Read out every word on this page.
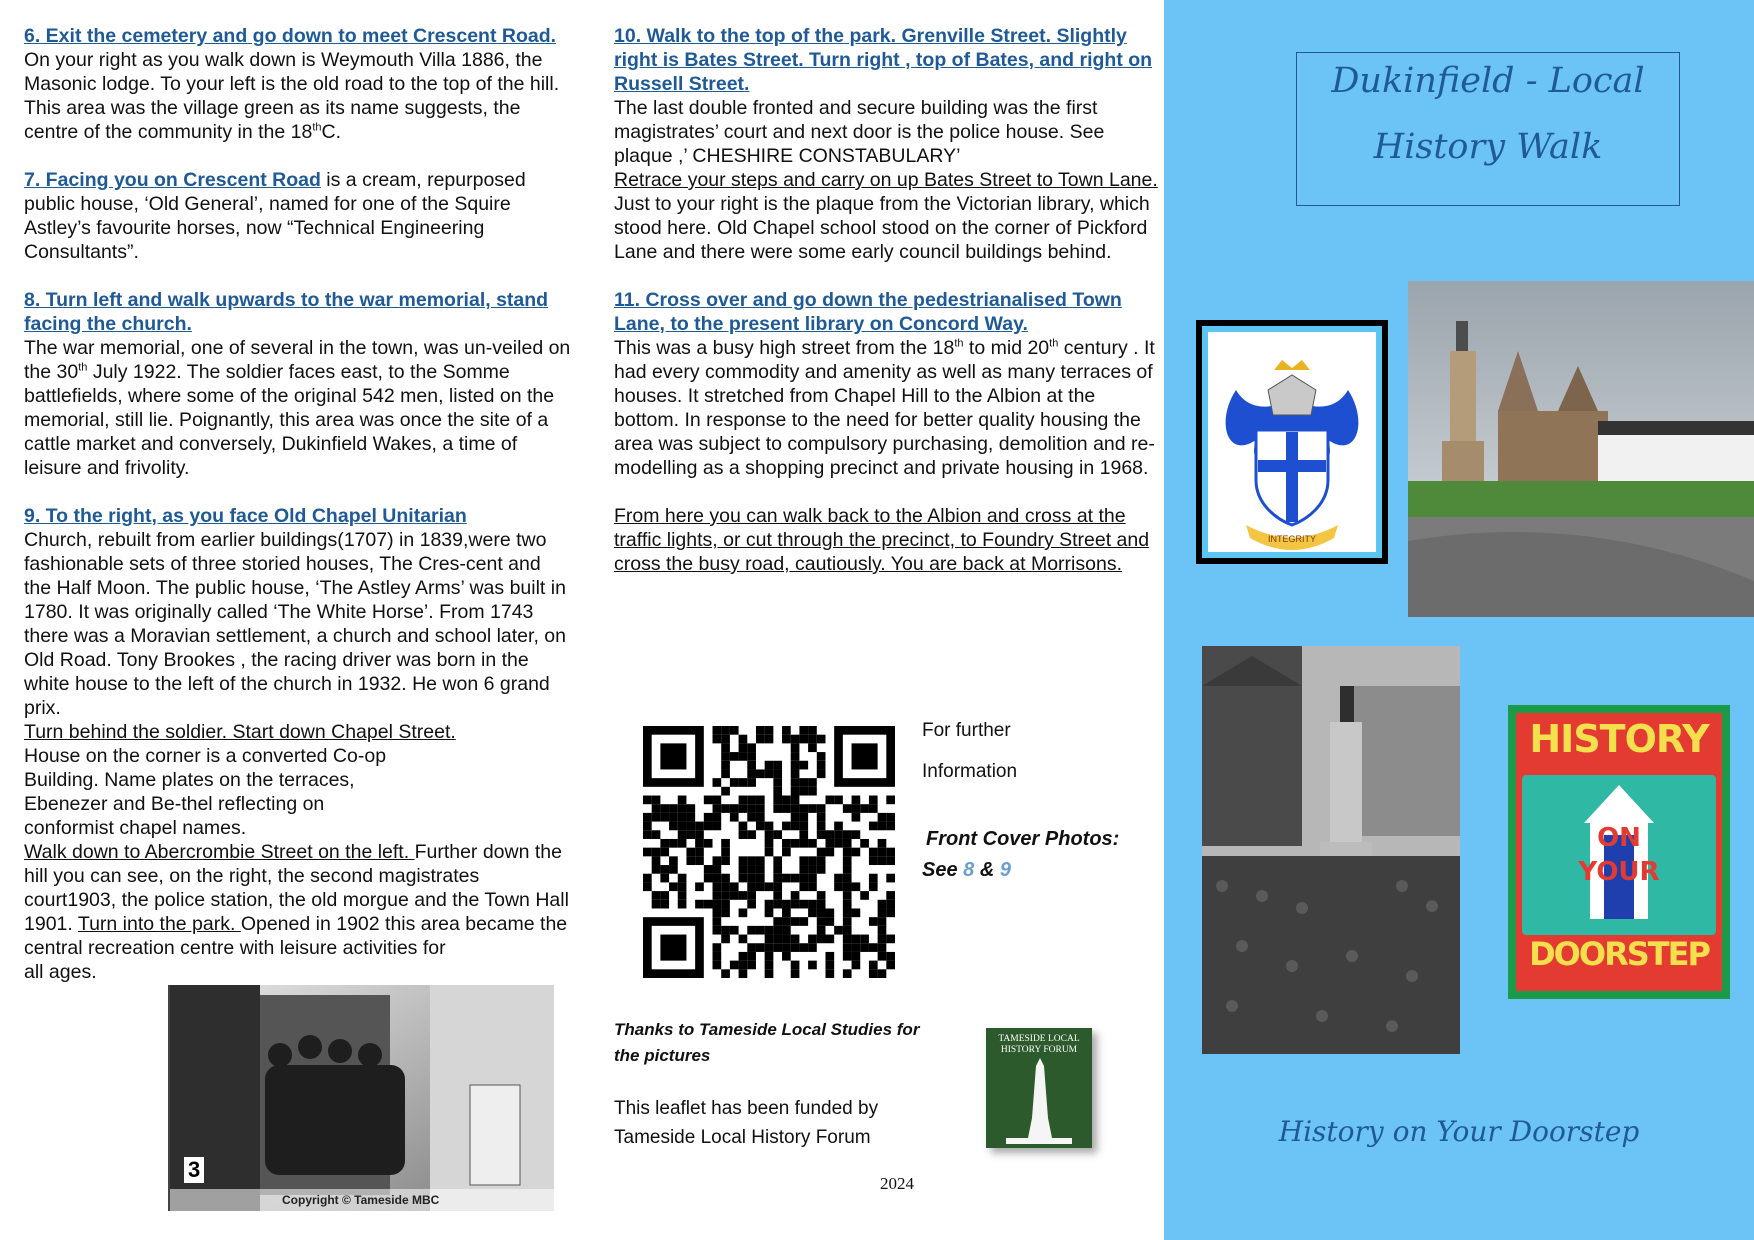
6. Exit the cemetery and go down to meet Crescent Road.

On your right as you walk down is Weymouth Villa 1886, the Masonic lodge. To your left is the old road to the top of the hill. This area was the village green as its name suggests, the centre of the community in the 18thC.

7. Facing you on Crescent Road is a cream, repurposed public house, ‘Old General’, named for one of the Squire Astley’s favourite horses, now “Technical Engineering Consultants”.

8. Turn left and walk upwards to the war memorial, stand facing the church.

The war memorial, one of several in the town, was un-veiled on the 30th July 1922. The soldier faces east, to the Somme battlefields, where some of the original 542 men, listed on the memorial, still lie. Poignantly, this area was once the site of a cattle market and conversely, Dukinfield Wakes, a time of leisure and frivolity.

9. To the right, as you face Old Chapel Unitarian

Church, rebuilt from earlier buildings(1707) in 1839,were two fashionable sets of three storied houses, The Cres-cent and the Half Moon. The public house, ‘The Astley Arms’ was built in 1780. It was originally called ‘The White Horse’. From 1743 there was a Moravian settlement, a church and school later, on Old Road. Tony Brookes , the racing driver was born in the white house to the left of the church in 1932. He won 6 grand prix.

Turn behind the soldier. Start down Chapel Street.

House on the corner is a converted Co-op Building. Name plates on the terraces, Ebenezer and Be-thel reflecting on conformist chapel names.

Walk down to Abercrombie Street on the left. Further down the hill you can see, on the right, the second magistrates court1903, the police station, the old morgue and the Town Hall 1901. Turn into the park. Opened in 1902 this area became the central recreation centre with leisure activities for

all ages.

3
Copyright © Tameside MBC

10. Walk to the top of the park. Grenville Street. Slightly right is Bates Street. Turn right , top of Bates, and right on Russell Street.

The last double fronted and secure building was the first magistrates’ court and next door is the police house. See plaque ,’ CHESHIRE CONSTABULARY’

Retrace your steps and carry on up Bates Street to Town Lane.

Just to your right is the plaque from the Victorian library, which stood here. Old Chapel school stood on the corner of Pickford Lane and there were some early council buildings behind.

11. Cross over and go down the pedestrianalised Town Lane, to the present library on Concord Way.

This was a busy high street from the 18th to mid 20th century . It had every commodity and amenity as well as many terraces of houses. It stretched from Chapel Hill to the Albion at the bottom. In response to the need for better quality housing the area was subject to compulsory purchasing, demolition and re-modelling as a shopping precinct and private housing in 1968.

From here you can walk back to the Albion and cross at the traffic lights, or cut through the precinct, to Foundry Street and cross the busy road, cautiously. You are back at Morrisons.

For further
Information
Front Cover Photos:
See 8 & 9
Thanks to Tameside Local Studies for the pictures
This leaflet has been funded by Tameside Local History Forum
TAMESIDE LOCAL HISTORY FORUM
2024
Dukinfield - Local
History Walk
INTEGRITY
HISTORY
ON
YOUR
DOORSTEP
History on Your Doorstep
